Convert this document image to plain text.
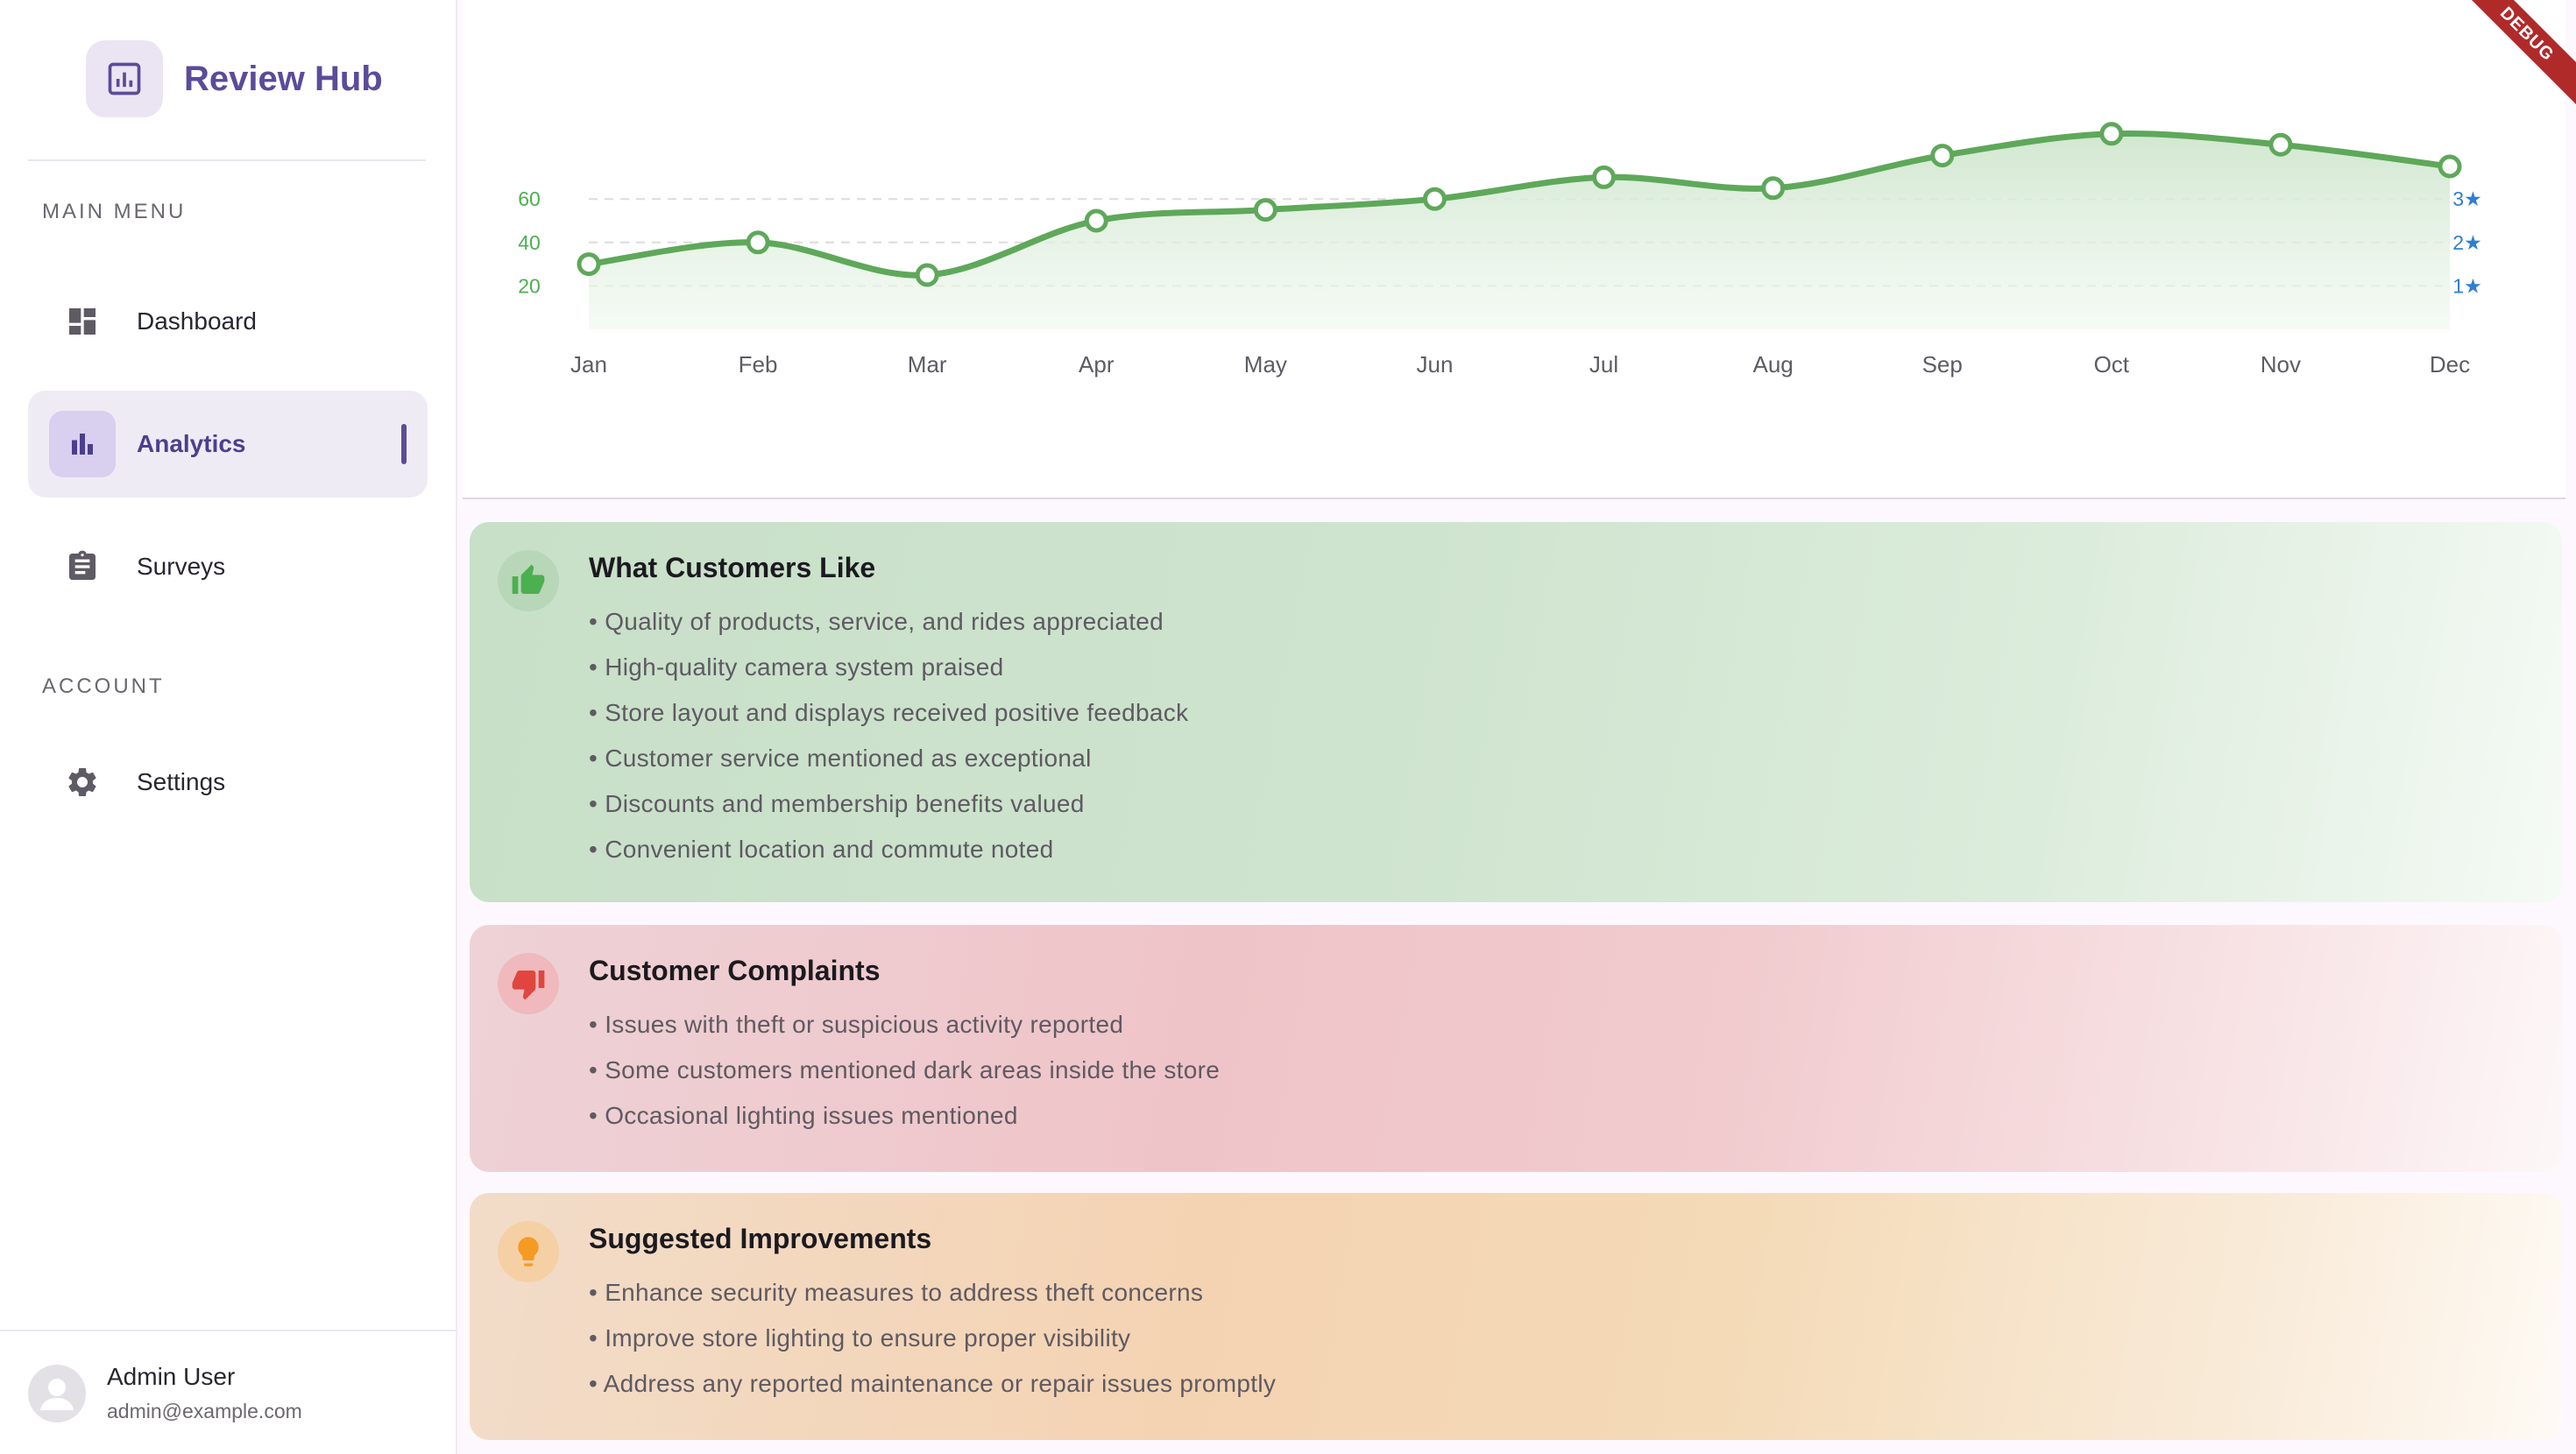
Review Hub
MAIN MENU
Dashboard
Analytics
Surveys
ACCOUNT
Settings
Admin User
admin@example.com
20	1★
40	2★
60	3★
Jan	Feb	Mar	Apr	May	Jun	Jul	Aug	Sep	Oct	Nov	Dec
What Customers Like
• Quality of products, service, and rides appreciated
• High-quality camera system praised
• Store layout and displays received positive feedback
• Customer service mentioned as exceptional
• Discounts and membership benefits valued
• Convenient location and commute noted
Customer Complaints
• Issues with theft or suspicious activity reported
• Some customers mentioned dark areas inside the store
• Occasional lighting issues mentioned
Suggested Improvements
• Enhance security measures to address theft concerns
• Improve store lighting to ensure proper visibility
• Address any reported maintenance or repair issues promptly
DEBUG
